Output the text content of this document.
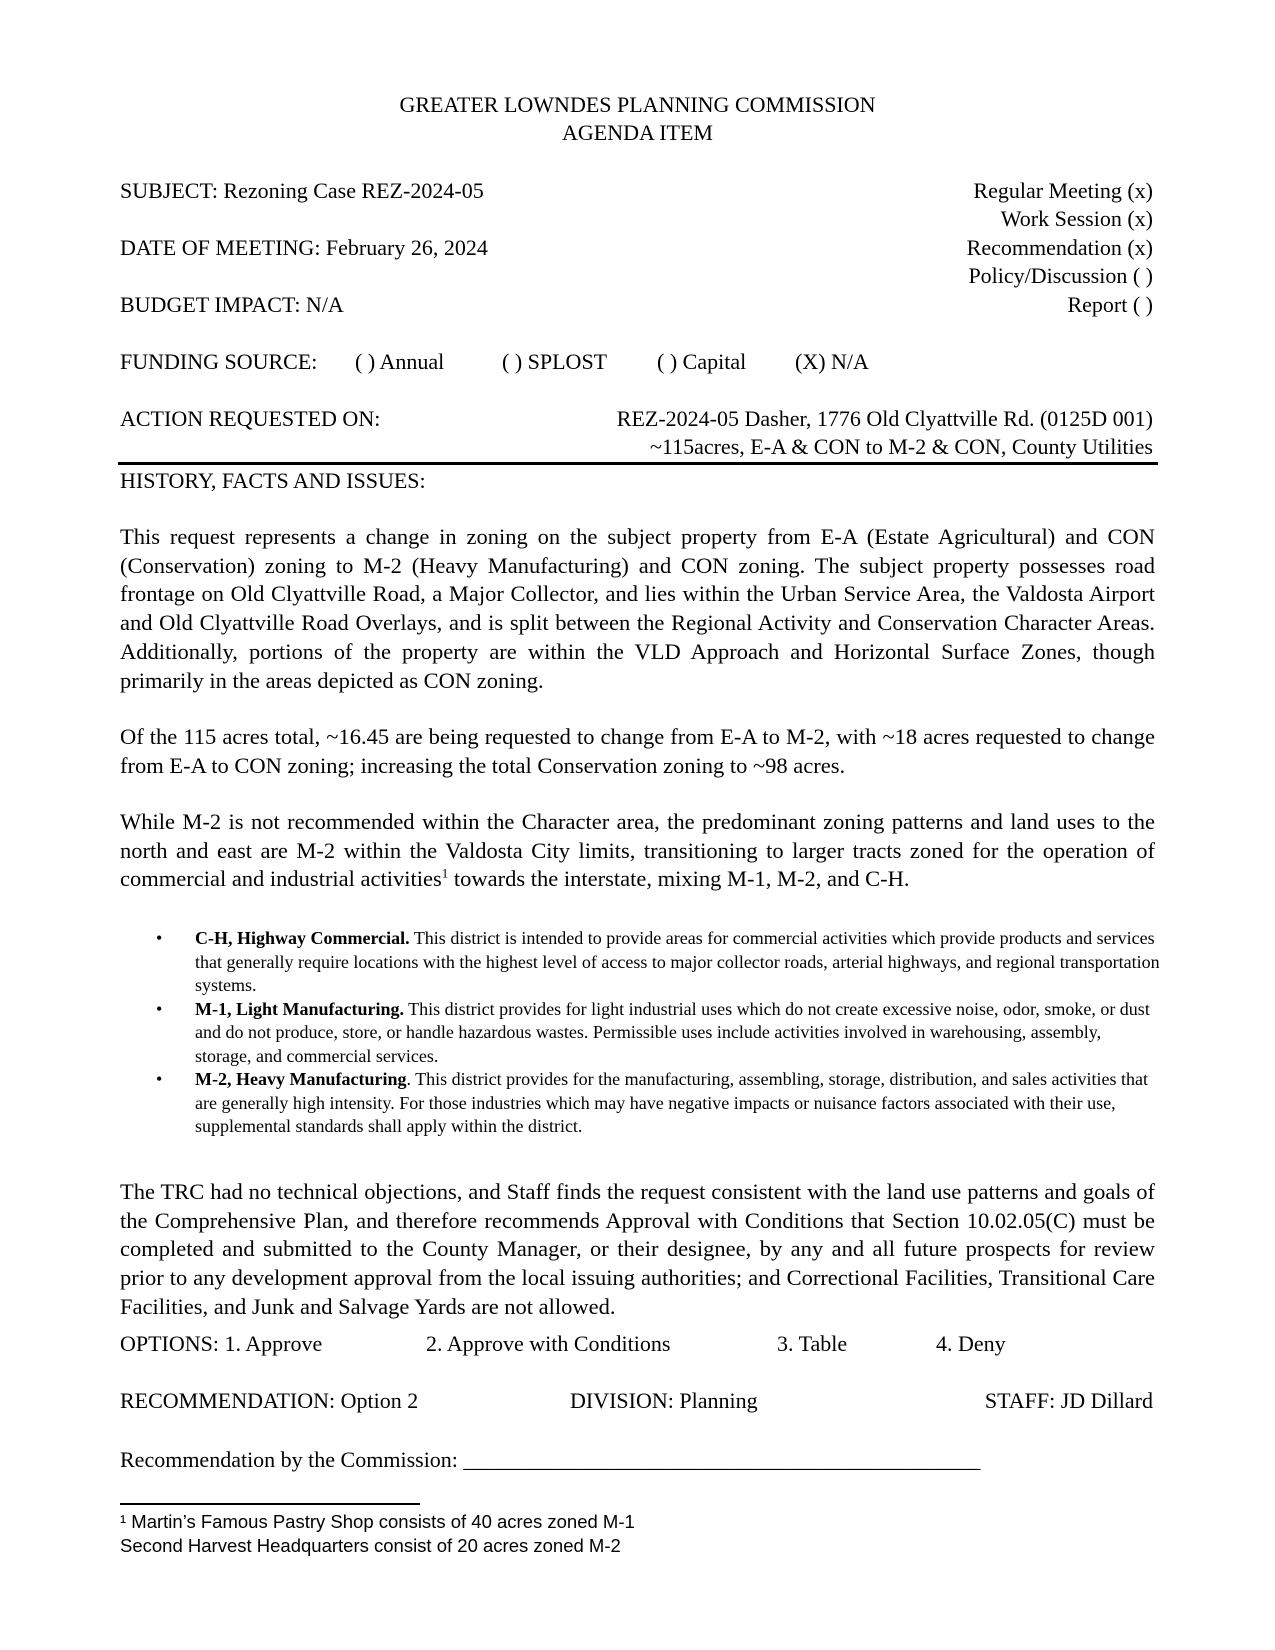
GREATER LOWNDES PLANNING COMMISSION
AGENDA ITEM
SUBJECT: Rezoning Case REZ-2024-05
DATE OF MEETING: February 26, 2024
BUDGET IMPACT: N/A
Regular Meeting (x)
Work Session (x)
Recommendation (x)
Policy/Discussion ( )
Report ( )
FUNDING SOURCE: ( ) Annual	( ) SPLOST ( ) Capital (X) N/A
ACTION REQUESTED ON:	REZ-2024-05 Dasher, 1776 Old Clyattville Rd. (0125D 001)
~115acres, E-A & CON to M-2 & CON, County Utilities
HISTORY, FACTS AND ISSUES:

This request represents a change in zoning on the subject property from E-A (Estate Agricultural) and CON (Conservation) zoning to M-2 (Heavy Manufacturing) and CON zoning. The subject property possesses road frontage on Old Clyattville Road, a Major Collector, and lies within the Urban Service Area, the Valdosta Airport and Old Clyattville Road Overlays, and is split between the Regional Activity and Conservation Character Areas. Additionally, portions of the property are within the VLD Approach and Horizontal Surface Zones, though primarily in the areas depicted as CON zoning.

Of the 115 acres total, ~16.45 are being requested to change from E-A to M-2, with ~18 acres requested to change from E-A to CON zoning; increasing the total Conservation zoning to ~98 acres.

While M-2 is not recommended within the Character area, the predominant zoning patterns and land uses to the north and east are M-2 within the Valdosta City limits, transitioning to larger tracts zoned for the operation of commercial and industrial activities$^1$ towards the interstate, mixing M-1, M-2, and C-H.

• C-H, Highway Commercial. This district is intended to provide areas for commercial activities which provide products and services that generally require locations with the highest level of access to major collector roads, arterial highways, and regional transportation systems.
• M-1, Light Manufacturing. This district provides for light industrial uses which do not create excessive noise, odor, smoke, or dust and do not produce, store, or handle hazardous wastes. Permissible uses include activities involved in warehousing, assembly, storage, and commercial services.
• M-2, Heavy Manufacturing. This district provides for the manufacturing, assembling, storage, distribution, and sales activities that are generally high intensity. For those industries which may have negative impacts or nuisance factors associated with their use, supplemental standards shall apply within the district.

The TRC had no technical objections, and Staff finds the request consistent with the land use patterns and goals of the Comprehensive Plan, and therefore recommends Approval with Conditions that Section 10.02.05(C) must be completed and submitted to the County Manager, or their designee, by any and all future prospects for review prior to any development approval from the local issuing authorities; and Correctional Facilities, Transitional Care Facilities, and Junk and Salvage Yards are not allowed.

OPTIONS: 1. Approve	2. Approve with Conditions	3. Table	4. Deny
RECOMMENDATION: Option 2	DIVISION: Planning	STAFF: JD Dillard
Recommendation by the Commission: _______________________________________________
¹ Martin’s Famous Pastry Shop consists of 40 acres zoned M-1
Second Harvest Headquarters consist of 20 acres zoned M-2
